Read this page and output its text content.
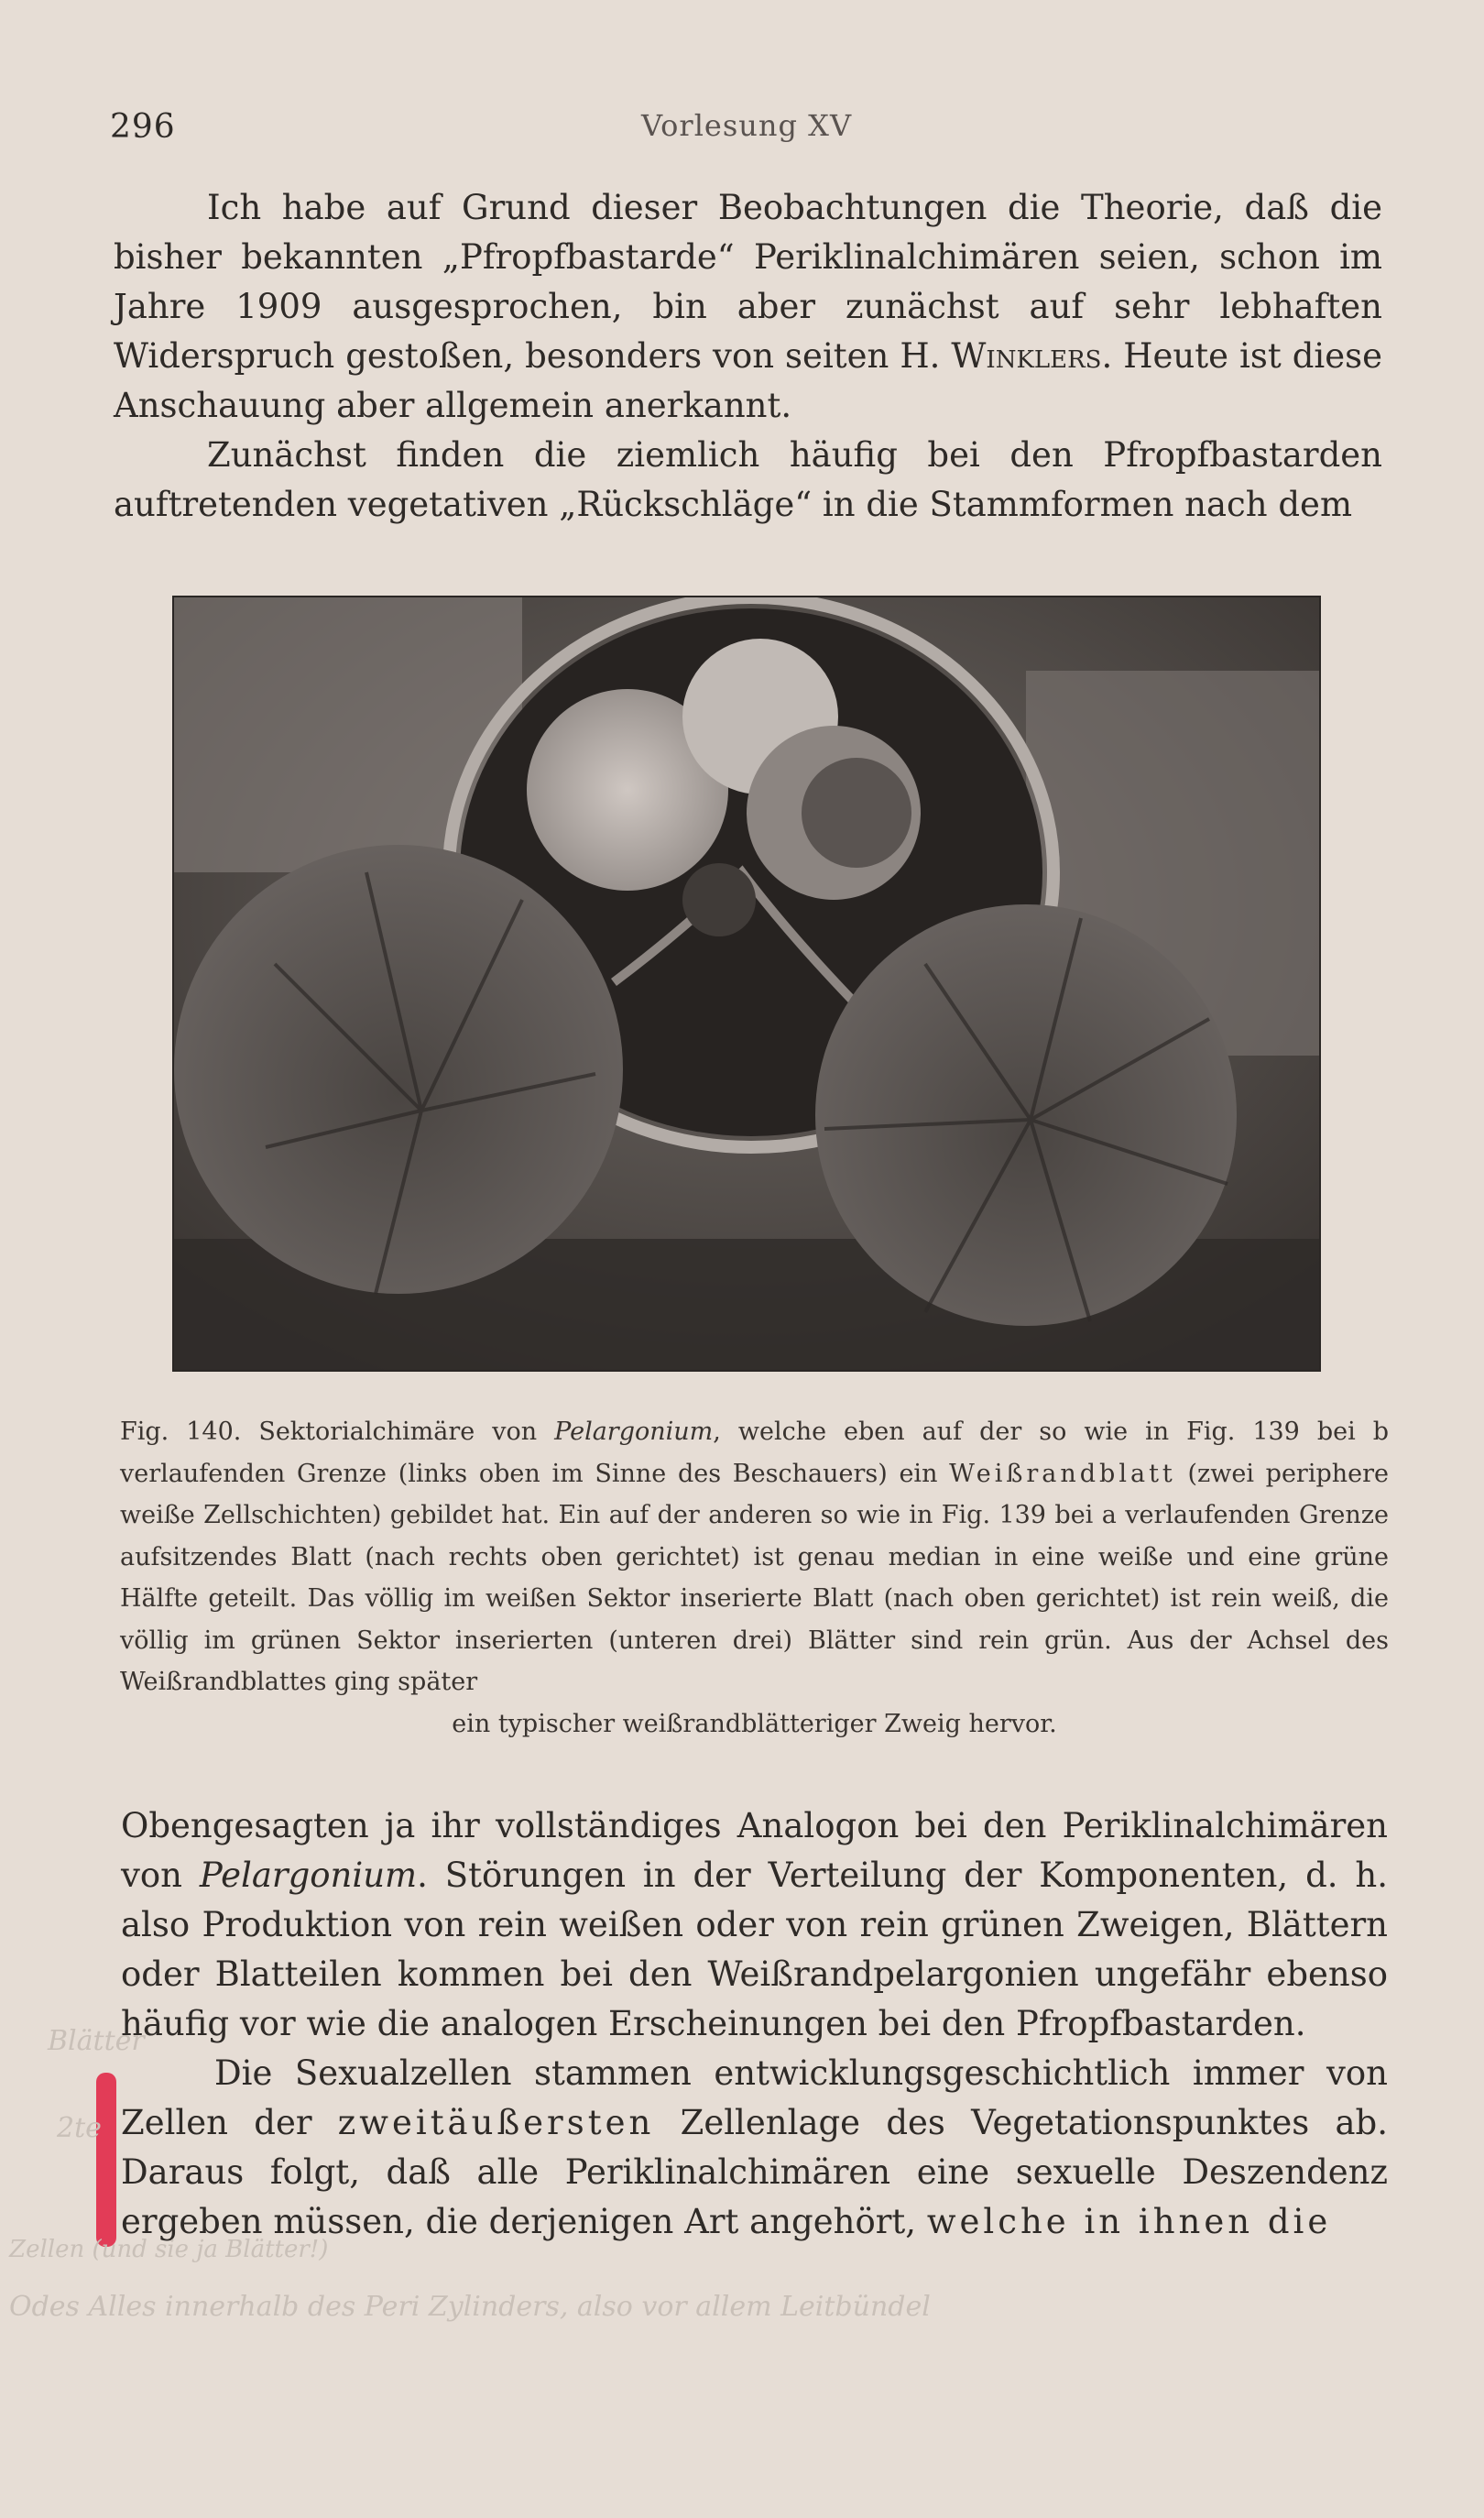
296	Vorlesung XV

Ich habe auf Grund dieser Beobachtungen die Theorie, daß die bisher bekannten „Pfropfbastarde“ Periklinalchimären seien, schon im Jahre 1909 ausgesprochen, bin aber zunächst auf sehr lebhaften Widerspruch gestoßen, besonders von seiten H. Winklers. Heute ist diese Anschauung aber allgemein anerkannt.

Zunächst finden die ziemlich häufig bei den Pfropfbastarden auftretenden vegetativen „Rückschläge“ in die Stammformen nach dem

Fig. 140. Sektorialchimäre von Pelargonium, welche eben auf der so wie in Fig. 139 bei b verlaufenden Grenze (links oben im Sinne des Beschauers) ein Weißrandblatt (zwei periphere weiße Zellschichten) gebildet hat. Ein auf der anderen so wie in Fig. 139 bei a verlaufenden Grenze aufsitzendes Blatt (nach rechts oben gerichtet) ist genau median in eine weiße und eine grüne Hälfte geteilt. Das völlig im weißen Sektor inserierte Blatt (nach oben gerichtet) ist rein weiß, die völlig im grünen Sektor inserierten (unteren drei) Blätter sind rein grün. Aus der Achsel des Weißrandblattes ging später
ein typischer weißrandblätteriger Zweig hervor.

Obengesagten ja ihr vollständiges Analogon bei den Periklinalchimären von Pelargonium. Störungen in der Verteilung der Komponenten, d. h. also Produktion von rein weißen oder von rein grünen Zweigen, Blättern oder Blatteilen kommen bei den Weißrandpelargonien ungefähr ebenso häufig vor wie die analogen Erscheinungen bei den Pfropfbastarden.

Die Sexualzellen stammen entwicklungsgeschichtlich immer von Zellen der zweitäußersten Zellenlage des Vegetationspunktes ab. Daraus folgt, daß alle Periklinalchimären eine sexuelle Deszendenz ergeben müssen, die derjenigen Art angehört, welche in ihnen die

Blätter
2te
Zellen (und sie ja Blätter!)
Odes Alles innerhalb des Peri Zylinders, also vor allem Leitbündel
